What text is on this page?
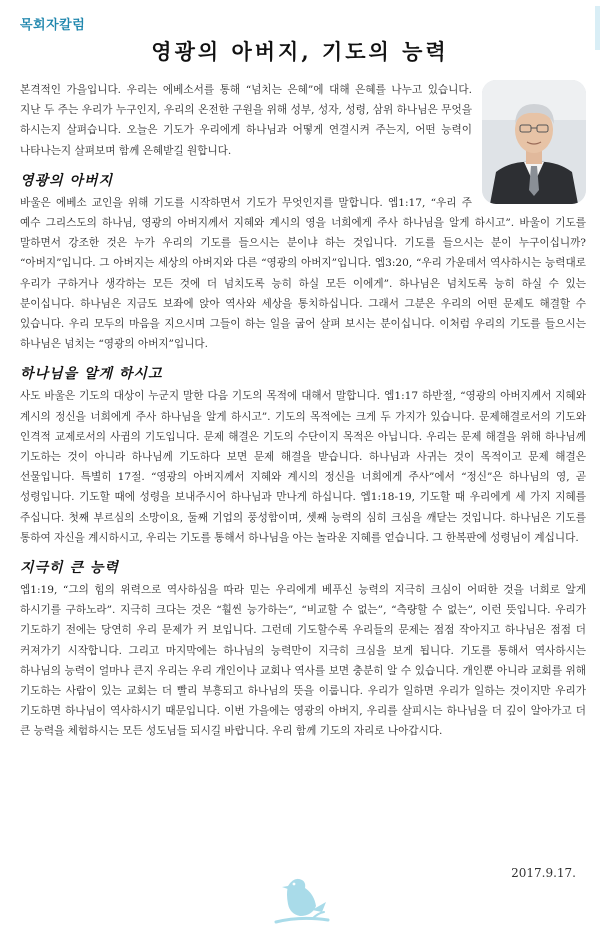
목회자칼럼
영광의 아버지, 기도의 능력

본격적인 가을입니다. 우리는 에베소서를 통해 “넘치는 은혜”에 대해 은혜를 나누고 있습니다. 지난 두 주는 우리가 누구인지, 우리의 온전한 구원을 위해 성부, 성자, 성령, 삼위 하나님은 무엇을 하시는지 살펴습니다. 오늘은 기도가 우리에게 하나님과 어떻게 연결시켜 주는지, 어떤 능력이 나타나는지 살펴보며 함께 은혜받길 원합니다.

영광의 아버지

바울은 에베소 교인을 위해 기도를 시작하면서 기도가 무엇인지를 말합니다. 엡1:17, “우리 주 예수 그리스도의 하나님, 영광의 아버지께서 지혜와 계시의 영을 너희에게 주사 하나님을 알게 하시고”. 바울이 기도를 말하면서 강조한 것은 누가 우리의 기도를 들으시는 분이냐 하는 것입니다. 기도를 들으시는 분이 누구이십니까? “아버지”입니다. 그 아버지는 세상의 아버지와 다른 “영광의 아버지”입니다. 엡3:20, “우리 가운데서 역사하시는 능력대로 우리가 구하거나 생각하는 모든 것에 더 넘치도록 능히 하실 모든 이에게”. 하나님은 넘치도록 능히 하실 수 있는 분이십니다. 하나님은 지금도 보좌에 앉아 역사와 세상을 통치하십니다. 그래서 그분은 우리의 어떤 문제도 해결할 수 있습니다. 우리 모두의 마음을 지으시며 그들이 하는 일을 굽어 살펴 보시는 분이십니다. 이처럼 우리의 기도를 들으시는 하나님은 넘치는 “영광의 아버지”입니다.

하나님을 알게 하시고

사도 바울은 기도의 대상이 누군지 말한 다음 기도의 목적에 대해서 말합니다. 엡1:17 하반절, “영광의 아버지께서 지혜와 계시의 정신을 너희에게 주사 하나님을 알게 하시고”. 기도의 목적에는 크게 두 가지가 있습니다. 문제해결로서의 기도와 인격적 교제로서의 사귐의 기도입니다. 문제 해결은 기도의 수단이지 목적은 아닙니다. 우리는 문제 해결을 위해 하나님께 기도하는 것이 아니라 하나님께 기도하다 보면 문제 해결을 받습니다. 하나님과 사귀는 것이 목적이고 문제 해결은 선물입니다. 특별히 17절. “영광의 아버지께서 지혜와 계시의 정신을 너희에게 주사”에서 “정신”은 하나님의 영, 곧 성령입니다. 기도할 때에 성령을 보내주시어 하나님과 만나게 하십니다. 엡1:18-19, 기도할 때 우리에게 세 가지 지혜를 주십니다. 첫째 부르심의 소망이요, 둘째 기업의 풍성함이며, 셋째 능력의 심히 크심을 깨닫는 것입니다. 하나님은 기도를 통하여 자신을 계시하시고, 우리는 기도를 통해서 하나님을 아는 놀라운 지혜를 얻습니다. 그 한복판에 성령님이 계십니다.

지극히 큰 능력

엡1:19, “그의 힘의 위력으로 역사하심을 따라 믿는 우리에게 베푸신 능력의 지극히 크심이 어떠한 것을 너희로 알게 하시기를 구하노라”. 지극히 크다는 것은 “훨씬 능가하는”, “비교할 수 없는”, “측량할 수 없는”, 이런 뜻입니다. 우리가 기도하기 전에는 당연히 우리 문제가 커 보입니다. 그런데 기도할수록 우리들의 문제는 점점 작아지고 하나님은 점점 더 커져가기 시작합니다. 그리고 마지막에는 하나님의 능력만이 지극히 크심을 보게 됩니다. 기도를 통해서 역사하시는 하나님의 능력이 얼마나 큰지 우리는 우리 개인이나 교회나 역사를 보면 충분히 알 수 있습니다. 개인뿐 아니라 교회를 위해 기도하는 사람이 있는 교회는 더 빨리 부흥되고 하나님의 뜻을 이룹니다. 우리가 일하면 우리가 일하는 것이지만 우리가 기도하면 하나님이 역사하시기 때문입니다. 이번 가을에는 영광의 아버지, 우리를 살피시는 하나님을 더 깊이 알아가고 더 큰 능력을 체험하시는 모든 성도님들 되시길 바랍니다. 우리 함께 기도의 자리로 나아갑시다.

2017.9.17.
